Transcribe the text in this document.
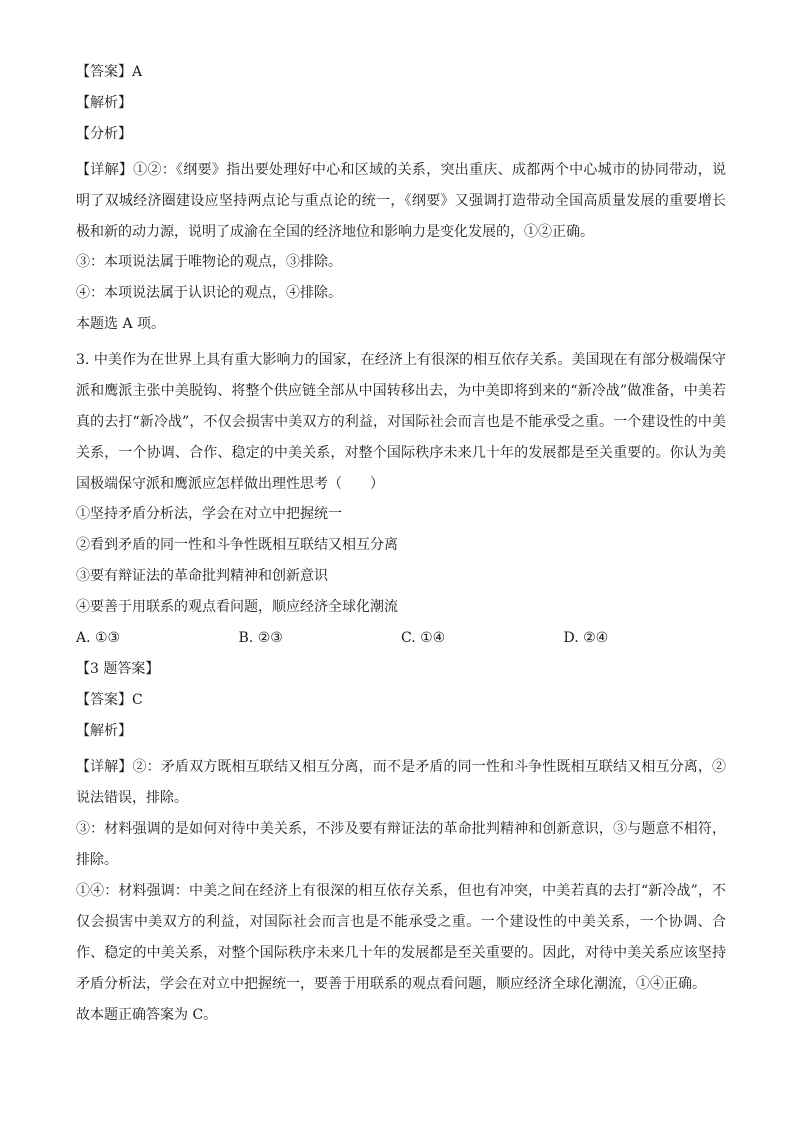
【答案】A

【解析】

【分析】

【详解】①②：《纲要》指出要处理好中心和区域的关系，突出重庆、成都两个中心城市的协同带动，说明了双城经济圈建设应坚持两点论与重点论的统一，《纲要》又强调打造带动全国高质量发展的重要增长极和新的动力源，说明了成渝在全国的经济地位和影响力是变化发展的，①②正确。

③：本项说法属于唯物论的观点，③排除。

④：本项说法属于认识论的观点，④排除。

本题选 A 项。

3. 中美作为在世界上具有重大影响力的国家，在经济上有很深的相互依存关系。美国现在有部分极端保守派和鹰派主张中美脱钩、将整个供应链全部从中国转移出去，为中美即将到来的“新冷战”做准备，中美若真的去打“新冷战”，不仅会损害中美双方的利益，对国际社会而言也是不能承受之重。一个建设性的中美关系，一个协调、合作、稳定的中美关系，对整个国际秩序未来几十年的发展都是至关重要的。你认为美国极端保守派和鹰派应怎样做出理性思考（　　）

①坚持矛盾分析法，学会在对立中把握统一

②看到矛盾的同一性和斗争性既相互联结又相互分离

③要有辩证法的革命批判精神和创新意识

④要善于用联系的观点看问题，顺应经济全球化潮流

A. ①③	B. ②③	C. ①④	D. ②④

【3 题答案】

【答案】C

【解析】

【详解】②：矛盾双方既相互联结又相互分离，而不是矛盾的同一性和斗争性既相互联结又相互分离，②说法错误，排除。

③：材料强调的是如何对待中美关系，不涉及要有辩证法的革命批判精神和创新意识，③与题意不相符，排除。

①④：材料强调：中美之间在经济上有很深的相互依存关系，但也有冲突，中美若真的去打“新冷战”，不仅会损害中美双方的利益，对国际社会而言也是不能承受之重。一个建设性的中美关系，一个协调、合作、稳定的中美关系，对整个国际秩序未来几十年的发展都是至关重要的。因此，对待中美关系应该坚持矛盾分析法，学会在对立中把握统一，要善于用联系的观点看问题，顺应经济全球化潮流，①④正确。

故本题正确答案为 C。
